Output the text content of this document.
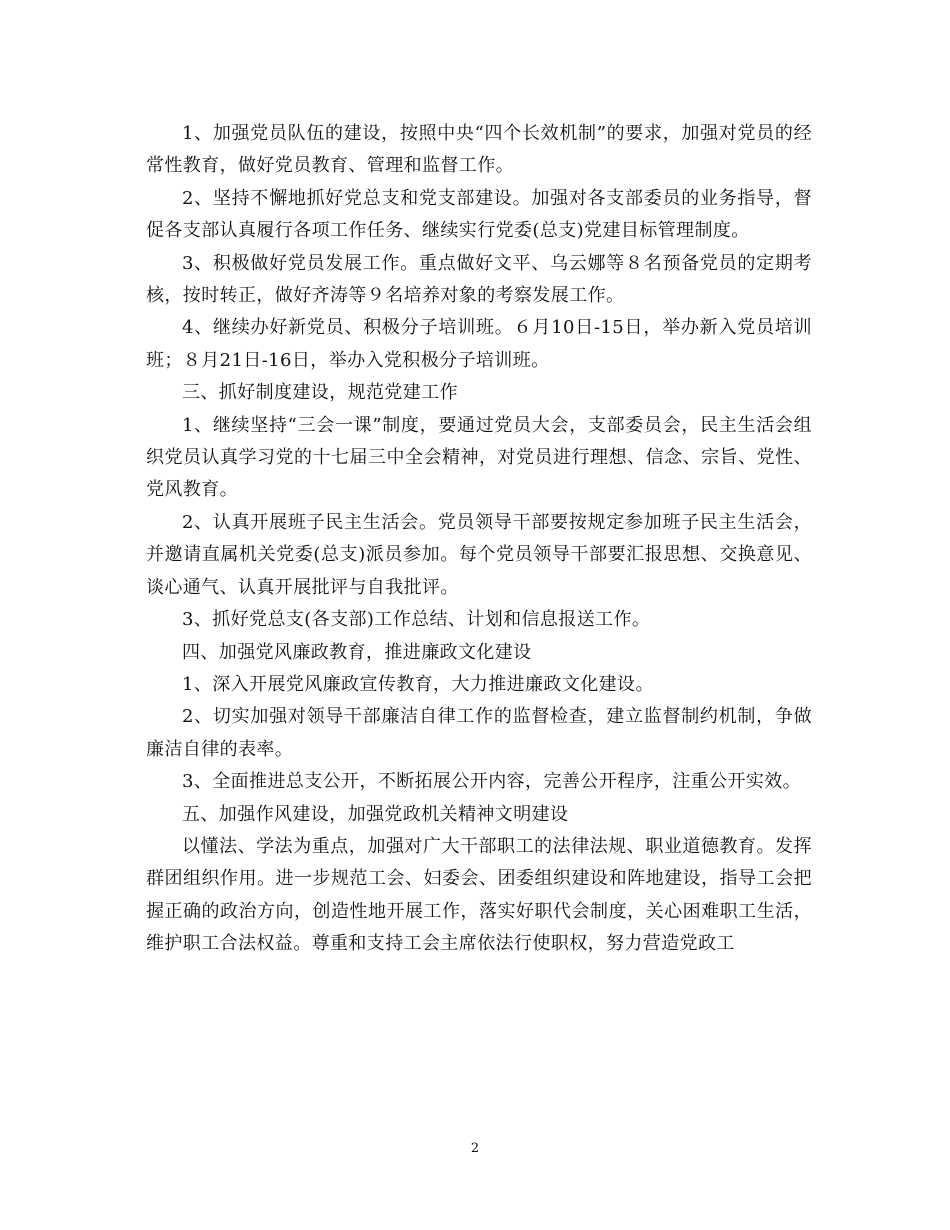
1、加强党员队伍的建设，按照中央“四个长效机制”的要求，加强对党员的经常性教育，做好党员教育、管理和监督工作。

2、坚持不懈地抓好党总支和党支部建设。加强对各支部委员的业务指导，督促各支部认真履行各项工作任务、继续实行党委(总支)党建目标管理制度。

3、积极做好党员发展工作。重点做好文平、乌云娜等８名预备党员的定期考核，按时转正，做好齐涛等９名培养对象的考察发展工作。

4、继续办好新党员、积极分子培训班。６月10日-15日，举办新入党员培训班；８月21日-16日，举办入党积极分子培训班。

三、抓好制度建设，规范党建工作

1、继续坚持“三会一课”制度，要通过党员大会，支部委员会，民主生活会组织党员认真学习党的十七届三中全会精神，对党员进行理想、信念、宗旨、党性、党风教育。

2、认真开展班子民主生活会。党员领导干部要按规定参加班子民主生活会，并邀请直属机关党委(总支)派员参加。每个党员领导干部要汇报思想、交换意见、谈心通气、认真开展批评与自我批评。

3、抓好党总支(各支部)工作总结、计划和信息报送工作。

四、加强党风廉政教育，推进廉政文化建设

1、深入开展党风廉政宣传教育，大力推进廉政文化建设。

2、切实加强对领导干部廉洁自律工作的监督检查，建立监督制约机制，争做廉洁自律的表率。

3、全面推进总支公开，不断拓展公开内容，完善公开程序，注重公开实效。

五、加强作风建设，加强党政机关精神文明建设

以懂法、学法为重点，加强对广大干部职工的法律法规、职业道德教育。发挥群团组织作用。进一步规范工会、妇委会、团委组织建设和阵地建设，指导工会把握正确的政治方向，创造性地开展工作，落实好职代会制度，关心困难职工生活，维护职工合法权益。尊重和支持工会主席依法行使职权，努力营造党政工

2
